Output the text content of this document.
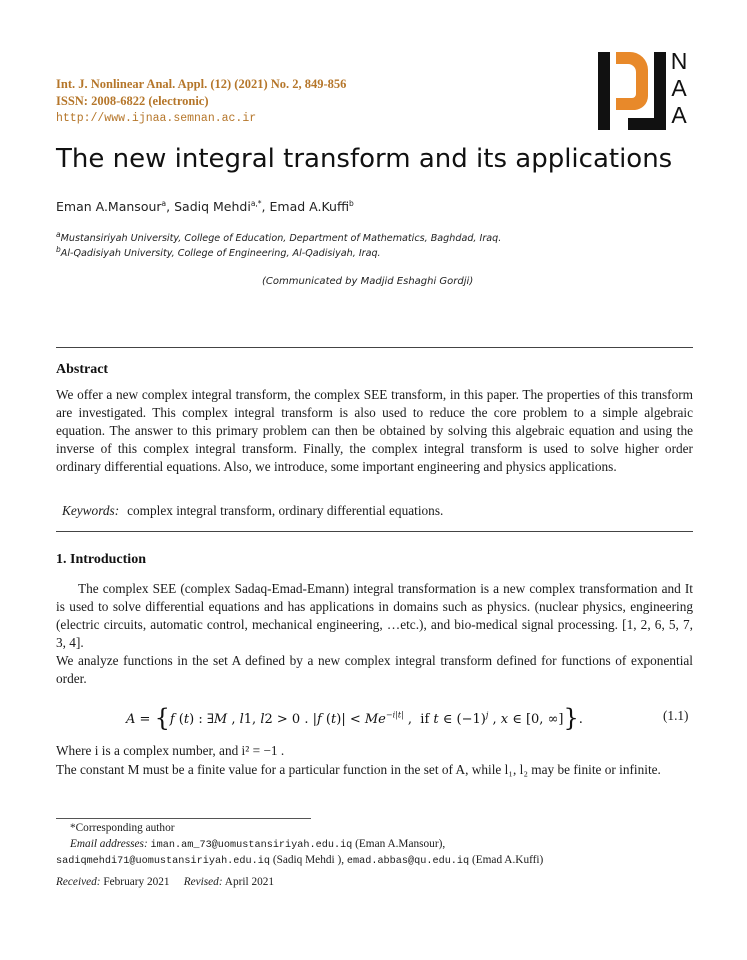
Int. J. Nonlinear Anal. Appl. (12) (2021) No. 2, 849-856
ISSN: 2008-6822 (electronic)
http://www.ijnaa.semnan.ac.ir
N
A
A
The new integral transform and its applications
Eman A.Mansour$^a$, Sadiq Mehdi$^{a,*}$, Emad A.Kuffi$^b$
$^a$Mustansiriyah University, College of Education, Department of Mathematics, Baghdad, Iraq.
$^b$Al-Qadisiyah University, College of Engineering, Al-Qadisiyah, Iraq.
(Communicated by Madjid Eshaghi Gordji)
Abstract
We offer a new complex integral transform, the complex SEE transform, in this paper. The properties of this transform are investigated. This complex integral transform is also used to reduce the core problem to a simple algebraic equation. The answer to this primary problem can then be obtained by solving this algebraic equation and using the inverse of this complex integral transform. Finally, the complex integral transform is used to solve higher order ordinary differential equations. Also, we introduce, some important engineering and physics applications.
Keywords: complex integral transform, ordinary differential equations.
1. Introduction
The complex SEE (complex Sadaq-Emad-Emann) integral transformation is a new complex transformation and It is used to solve differential equations and has applications in domains such as physics. (nuclear physics, engineering (electric circuits, automatic control, mechanical engineering, …etc.), and bio-medical signal processing. [1, 2, 6, 5, 7, 3, 4].
We analyze functions in the set A defined by a new complex integral transform defined for functions of exponential order.
A = {f (t) : ∃M , l1, l2 > 0 . |f $(t)| < Me^{-i|t|}$ ,  if t ∈ $(-1)^j$ , x ∈ [0, ∞]}.	(1.1)
Where i is a complex number, and i² = −1 .
The constant M must be a finite value for a particular function in the set of A, while l₁, l₂ may be finite or infinite.
*Corresponding author
Email addresses: iman.am_73@uomustansiriyah.edu.iq (Eman A.Mansour),
sadiqmehdi71@uomustansiriyah.edu.iq (Sadiq Mehdi ), emad.abbas@qu.edu.iq (Emad A.Kuffi)
Received: February 2021 Revised: April 2021
